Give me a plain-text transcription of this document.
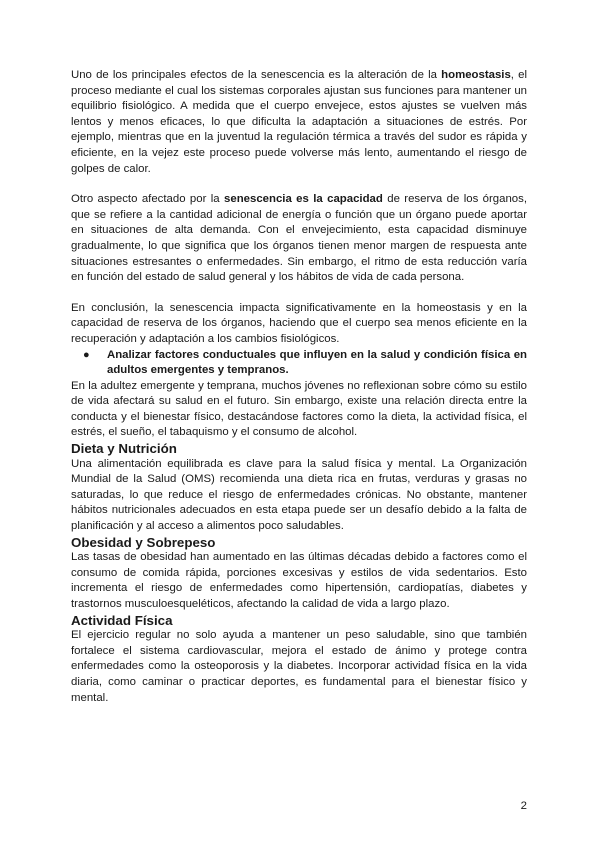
Uno de los principales efectos de la senescencia es la alteración de la homeostasis, el proceso mediante el cual los sistemas corporales ajustan sus funciones para mantener un equilibrio fisiológico. A medida que el cuerpo envejece, estos ajustes se vuelven más lentos y menos eficaces, lo que dificulta la adaptación a situaciones de estrés. Por ejemplo, mientras que en la juventud la regulación térmica a través del sudor es rápida y eficiente, en la vejez este proceso puede volverse más lento, aumentando el riesgo de golpes de calor.

Otro aspecto afectado por la senescencia es la capacidad de reserva de los órganos, que se refiere a la cantidad adicional de energía o función que un órgano puede aportar en situaciones de alta demanda. Con el envejecimiento, esta capacidad disminuye gradualmente, lo que significa que los órganos tienen menor margen de respuesta ante situaciones estresantes o enfermedades. Sin embargo, el ritmo de esta reducción varía en función del estado de salud general y los hábitos de vida de cada persona.

En conclusión, la senescencia impacta significativamente en la homeostasis y en la capacidad de reserva de los órganos, haciendo que el cuerpo sea menos eficiente en la recuperación y adaptación a los cambios fisiológicos.

●	Analizar factores conductuales que influyen en la salud y condición física en adultos emergentes y tempranos.

En la adultez emergente y temprana, muchos jóvenes no reflexionan sobre cómo su estilo de vida afectará su salud en el futuro. Sin embargo, existe una relación directa entre la conducta y el bienestar físico, destacándose factores como la dieta, la actividad física, el estrés, el sueño, el tabaquismo y el consumo de alcohol.

Dieta y Nutrición

Una alimentación equilibrada es clave para la salud física y mental. La Organización Mundial de la Salud (OMS) recomienda una dieta rica en frutas, verduras y grasas no saturadas, lo que reduce el riesgo de enfermedades crónicas. No obstante, mantener hábitos nutricionales adecuados en esta etapa puede ser un desafío debido a la falta de planificación y al acceso a alimentos poco saludables.

Obesidad y Sobrepeso

Las tasas de obesidad han aumentado en las últimas décadas debido a factores como el consumo de comida rápida, porciones excesivas y estilos de vida sedentarios. Esto incrementa el riesgo de enfermedades como hipertensión, cardiopatías, diabetes y trastornos musculoesqueléticos, afectando la calidad de vida a largo plazo.

Actividad Física

El ejercicio regular no solo ayuda a mantener un peso saludable, sino que también fortalece el sistema cardiovascular, mejora el estado de ánimo y protege contra enfermedades como la osteoporosis y la diabetes. Incorporar actividad física en la vida diaria, como caminar o practicar deportes, es fundamental para el bienestar físico y mental.

2
